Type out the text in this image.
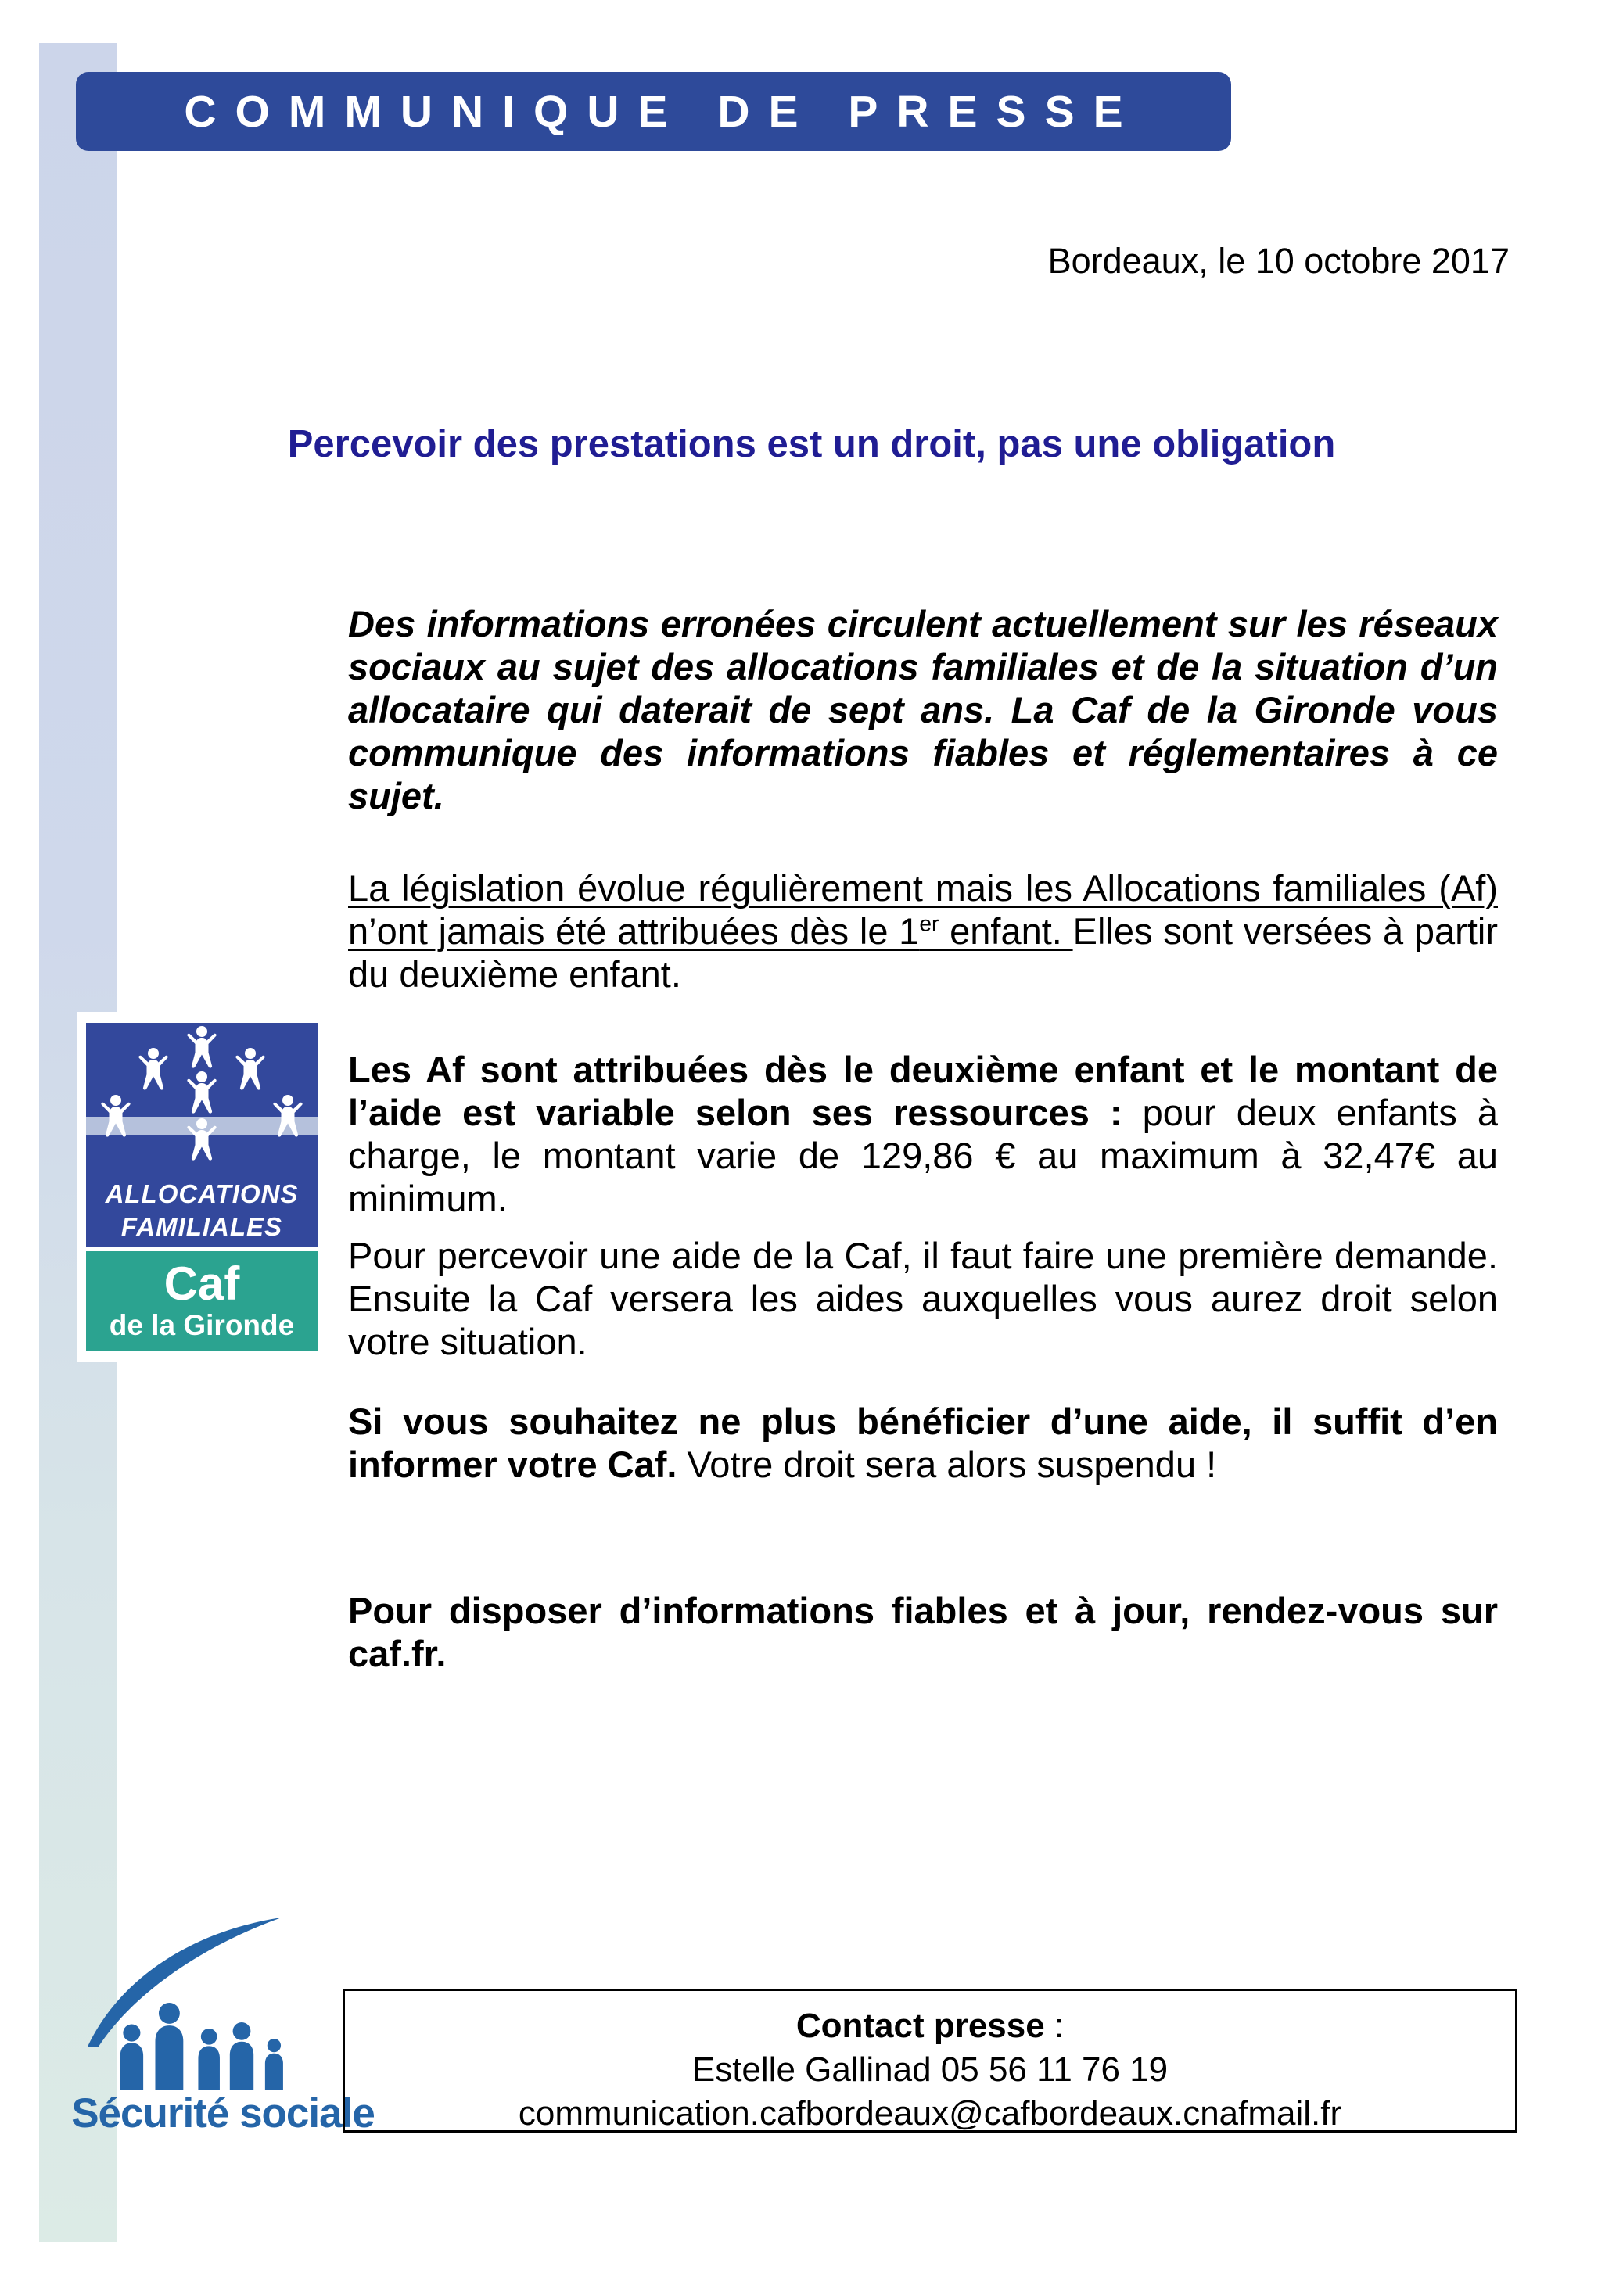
COMMUNIQUE DE PRESSE
Bordeaux, le 10 octobre 2017
Percevoir des prestations est un droit, pas une obligation
Des informations erronées circulent actuellement sur les réseaux sociaux au sujet des allocations familiales et de la situation d’un allocataire qui daterait de sept ans. La Caf de la Gironde vous communique des informations fiables et réglementaires à ce sujet.
La législation évolue régulièrement mais les Allocations familiales (Af) n’ont jamais été attribuées dès le 1er enfant. Elles sont versées à partir du deuxième enfant.
Les Af sont attribuées dès le deuxième enfant et le montant de l’aide est variable selon ses ressources : pour deux enfants à charge, le montant varie de 129,86 € au maximum à 32,47€ au minimum.
Pour percevoir une aide de la Caf, il faut faire une première demande. Ensuite la Caf versera les aides auxquelles vous aurez droit selon votre situation.
Si vous souhaitez ne plus bénéficier d’une aide, il suffit d’en informer votre Caf. Votre droit sera alors suspendu !
Pour disposer d’informations fiables et à jour, rendez-vous sur caf.fr.
ALLOCATIONS
FAMILIALES
Caf
de la Gironde
Sécurité sociale
Contact presse :
Estelle Gallinad 05 56 11 76 19
communication.cafbordeaux@cafbordeaux.cnafmail.fr
